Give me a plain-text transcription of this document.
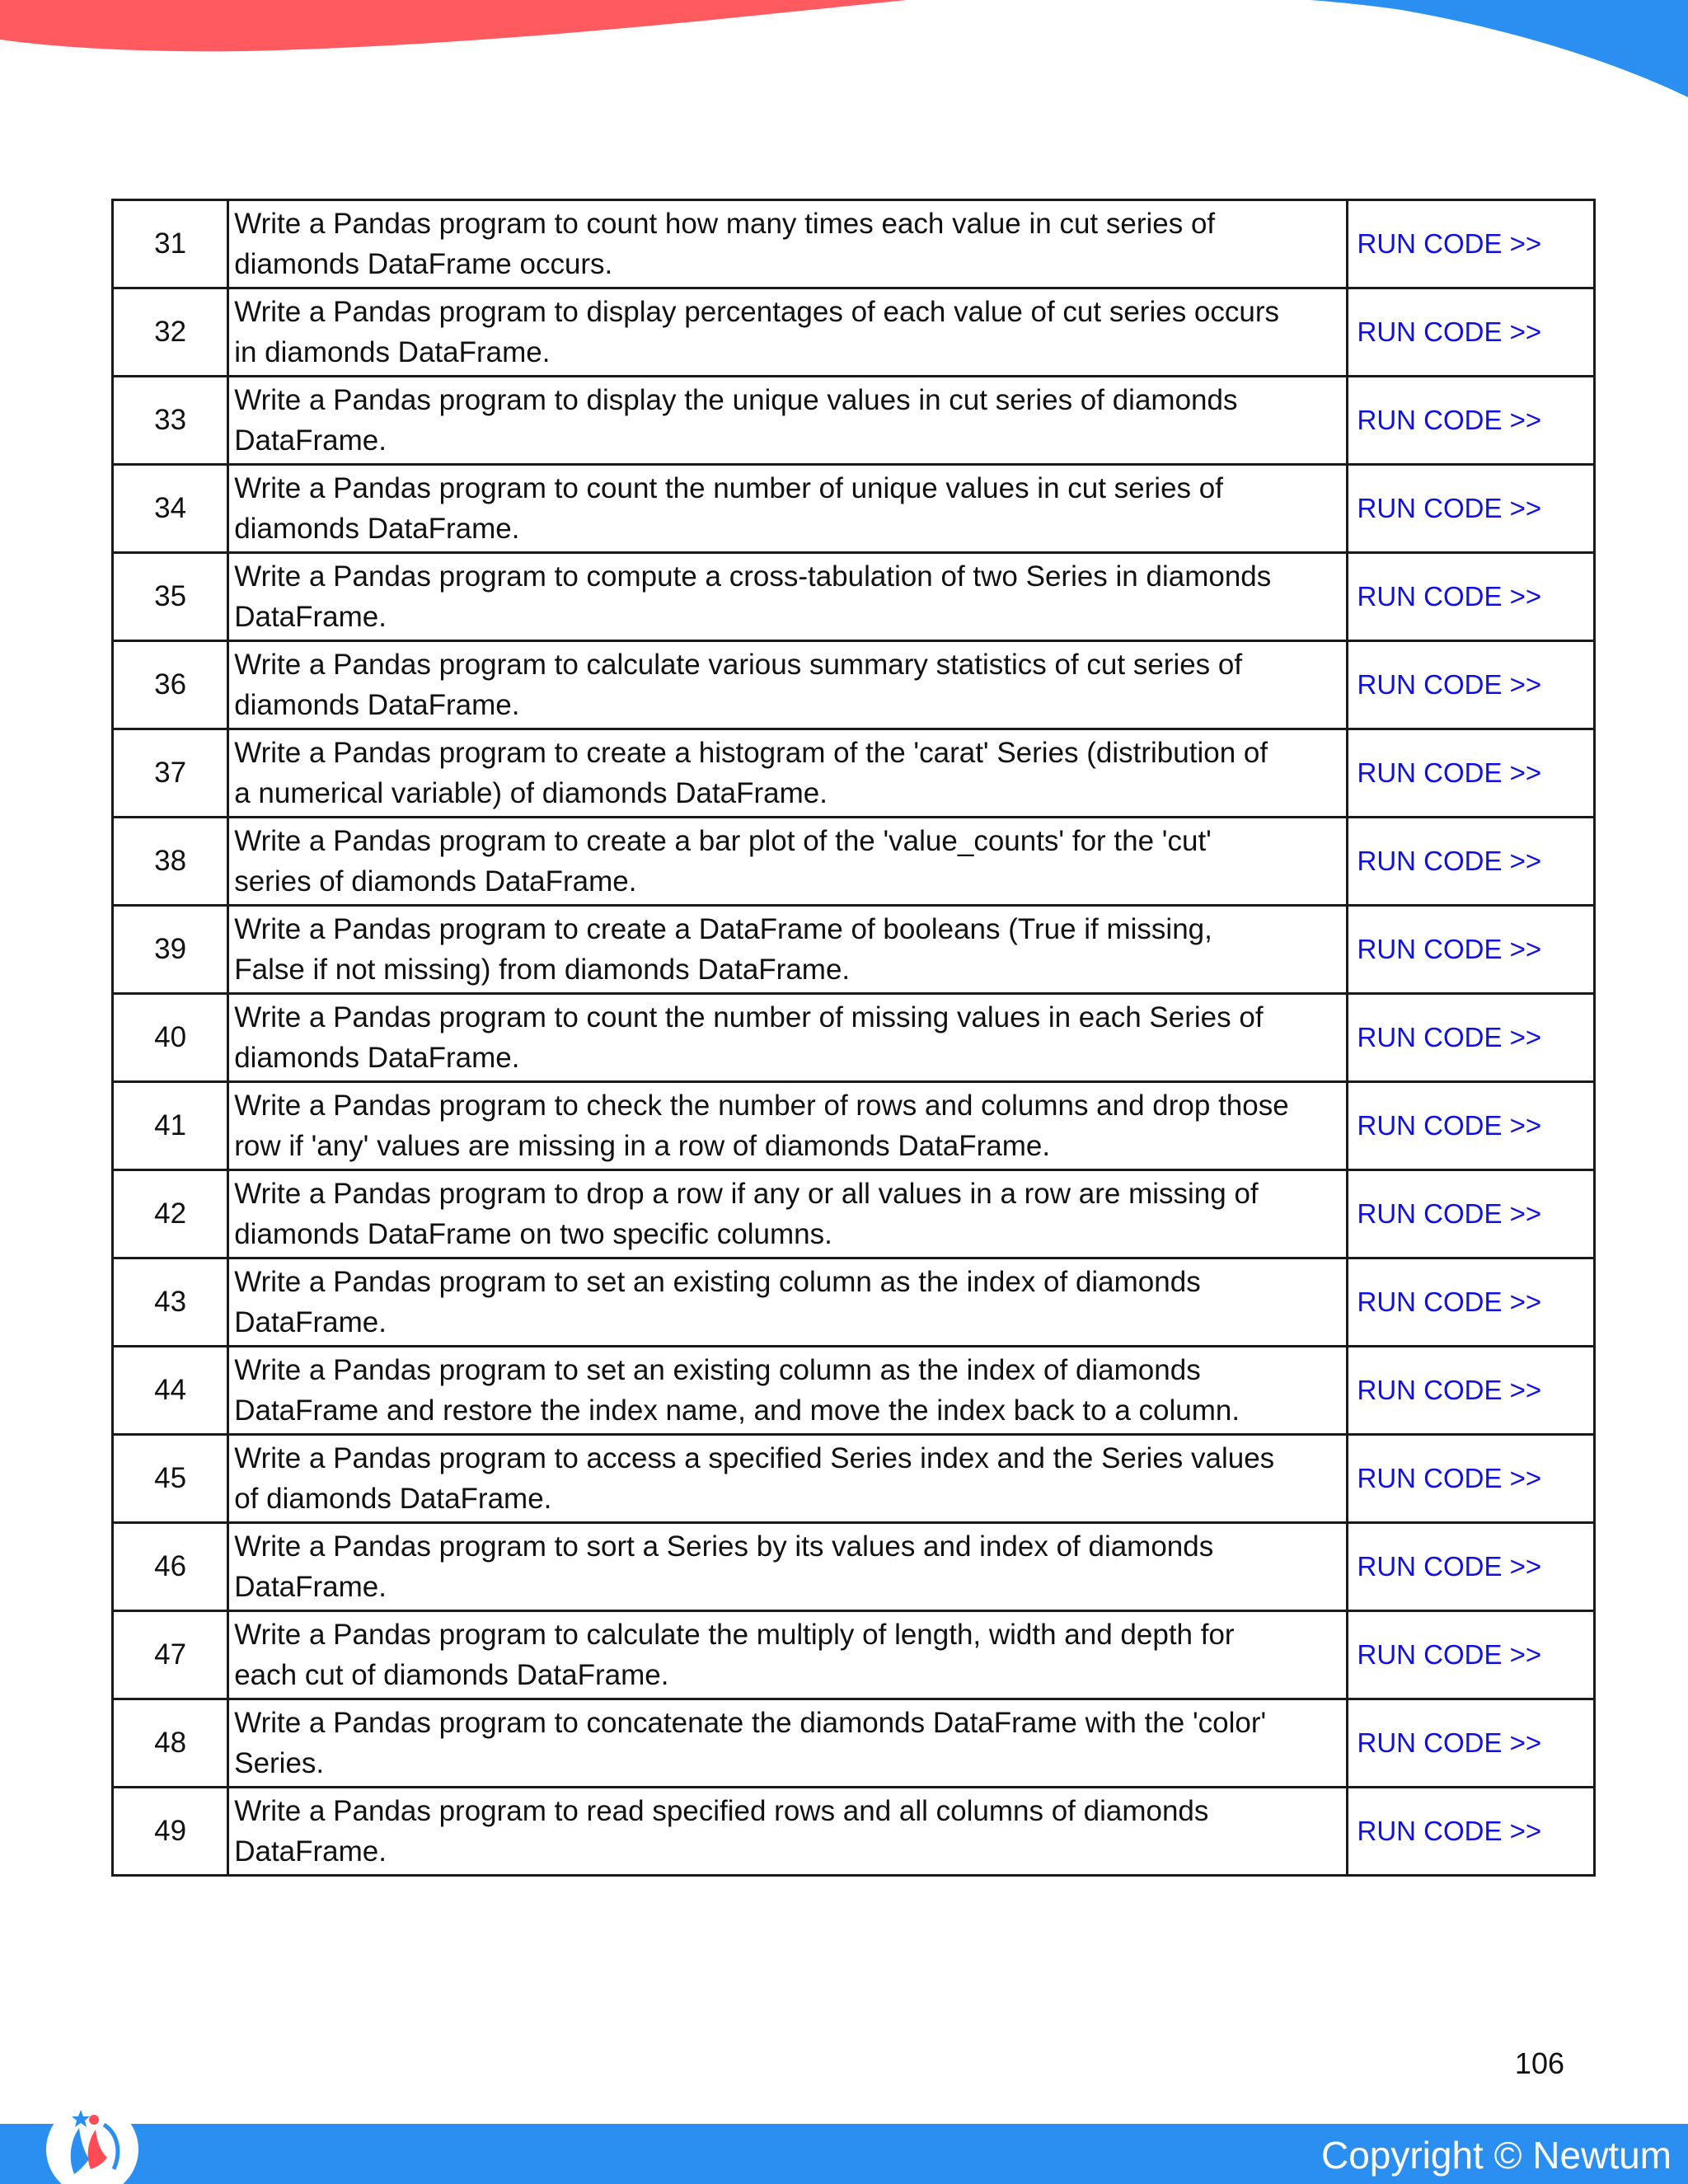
31	Write a Pandas program to count how many times each value in cut series of
diamonds DataFrame occurs.	RUN CODE >>
32	Write a Pandas program to display percentages of each value of cut series occurs
in diamonds DataFrame.	RUN CODE >>
33	Write a Pandas program to display the unique values in cut series of diamonds
DataFrame.	RUN CODE >>
34	Write a Pandas program to count the number of unique values in cut series of
diamonds DataFrame.	RUN CODE >>
35	Write a Pandas program to compute a cross-tabulation of two Series in diamonds
DataFrame.	RUN CODE >>
36	Write a Pandas program to calculate various summary statistics of cut series of
diamonds DataFrame.	RUN CODE >>
37	Write a Pandas program to create a histogram of the 'carat' Series (distribution of
a numerical variable) of diamonds DataFrame.	RUN CODE >>
38	Write a Pandas program to create a bar plot of the 'value_counts' for the 'cut'
series of diamonds DataFrame.	RUN CODE >>
39	Write a Pandas program to create a DataFrame of booleans (True if missing,
False if not missing) from diamonds DataFrame.	RUN CODE >>
40	Write a Pandas program to count the number of missing values in each Series of
diamonds DataFrame.	RUN CODE >>
41	Write a Pandas program to check the number of rows and columns and drop those
row if 'any' values are missing in a row of diamonds DataFrame.	RUN CODE >>
42	Write a Pandas program to drop a row if any or all values in a row are missing of
diamonds DataFrame on two specific columns.	RUN CODE >>
43	Write a Pandas program to set an existing column as the index of diamonds
DataFrame.	RUN CODE >>
44	Write a Pandas program to set an existing column as the index of diamonds
DataFrame and restore the index name, and move the index back to a column.	RUN CODE >>
45	Write a Pandas program to access a specified Series index and the Series values
of diamonds DataFrame.	RUN CODE >>
46	Write a Pandas program to sort a Series by its values and index of diamonds
DataFrame.	RUN CODE >>
47	Write a Pandas program to calculate the multiply of length, width and depth for
each cut of diamonds DataFrame.	RUN CODE >>
48	Write a Pandas program to concatenate the diamonds DataFrame with the 'color'
Series.	RUN CODE >>
49	Write a Pandas program to read specified rows and all columns of diamonds
DataFrame.	RUN CODE >>
106
Copyright © Newtum
